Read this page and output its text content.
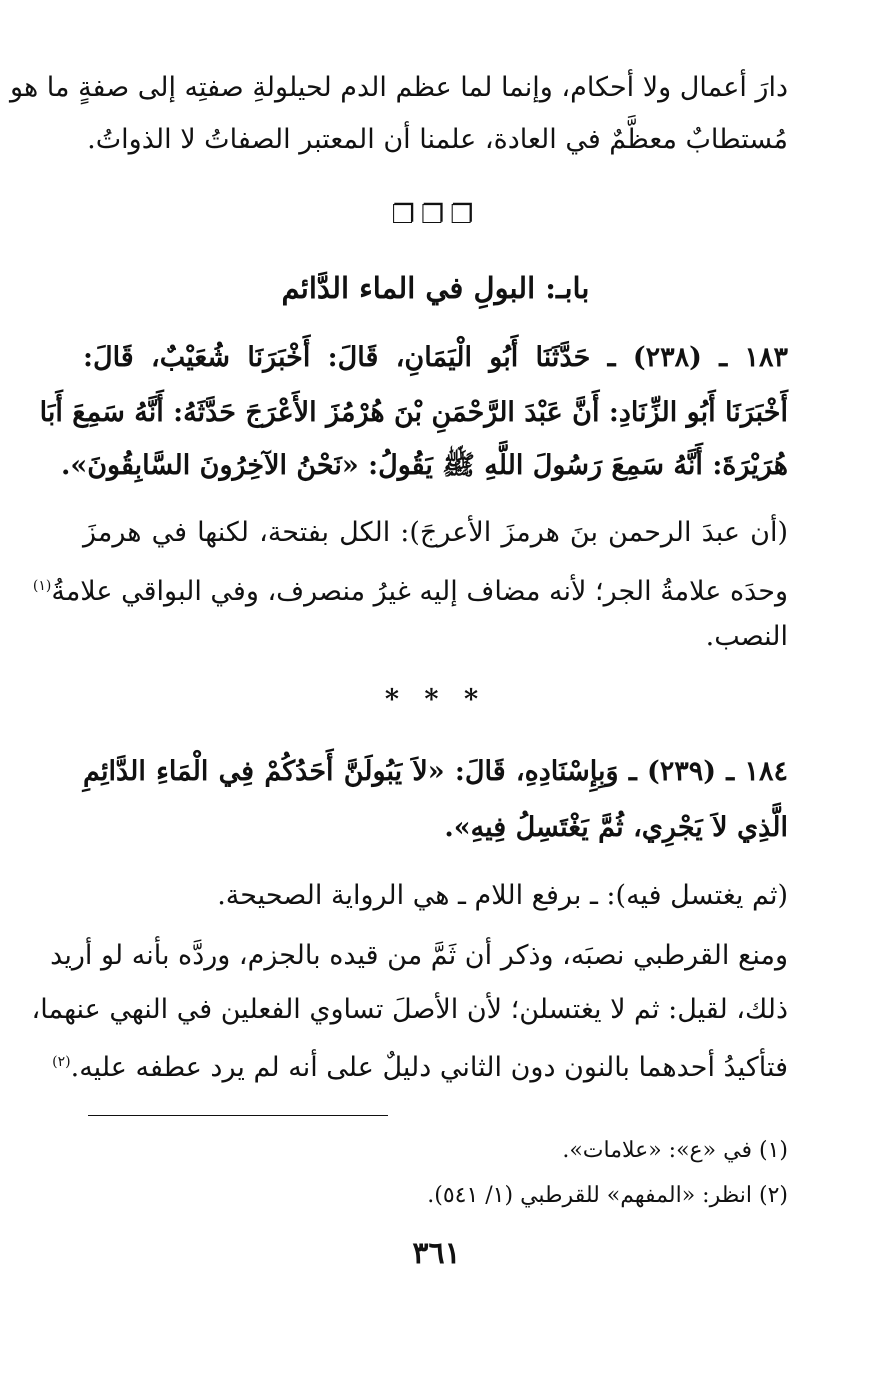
دارَ أعمال ولا أحكام، وإنما لما عظم الدم لحيلولةِ صفتِه إلى صفةٍ ما هو
مُستطابٌ معظَّمٌ في العادة، علمنا أن المعتبر الصفاتُ لا الذواتُ.
❐❐❐
بابـ: البولِ في الماء الدَّائم
١٨٣ ـ (٢٣٨) ـ حَدَّثَنَا أَبُو الْيَمَانِ، قَالَ: أَخْبَرَنَا شُعَيْبٌ، قَالَ:
أَخْبَرَنَا أَبُو الزِّنَادِ: أَنَّ عَبْدَ الرَّحْمَنِ بْنَ هُرْمُزَ الأَعْرَجَ حَدَّثَهُ: أَنَّهُ سَمِعَ أَبَا
هُرَيْرَةَ: أَنَّهُ سَمِعَ رَسُولَ اللَّهِ ﷺ يَقُولُ: «نَحْنُ الآخِرُونَ السَّابِقُونَ».
(أن عبدَ الرحمن بنَ هرمزَ الأعرجَ): الكل بفتحة، لكنها في هرمزَ
وحدَه علامةُ الجر؛ لأنه مضاف إليه غيرُ منصرف، وفي البواقي علامةُ$^{(١)}$
النصب.
* * *
١٨٤ ـ (٢٣٩) ـ وَبِإِسْنَادِهِ، قَالَ: «لاَ يَبُولَنَّ أَحَدُكُمْ فِي الْمَاءِ الدَّائِمِ
الَّذِي لاَ يَجْرِي، ثُمَّ يَغْتَسِلُ فِيهِ».
(ثم يغتسل فيه): ـ برفع اللام ـ هي الرواية الصحيحة.
ومنع القرطبي نصبَه، وذكر أن ثَمَّ من قيده بالجزم، وردَّه بأنه لو أريد
ذلك، لقيل: ثم لا يغتسلن؛ لأن الأصلَ تساوي الفعلين في النهي عنهما،
فتأكيدُ أحدهما بالنون دون الثاني دليلٌ على أنه لم يرد عطفه عليه.$^{(٢)}$
(١) في «ع»: «علامات».
(٢) انظر: «المفهم» للقرطبي (١/ ٥٤١).
٣٦١
